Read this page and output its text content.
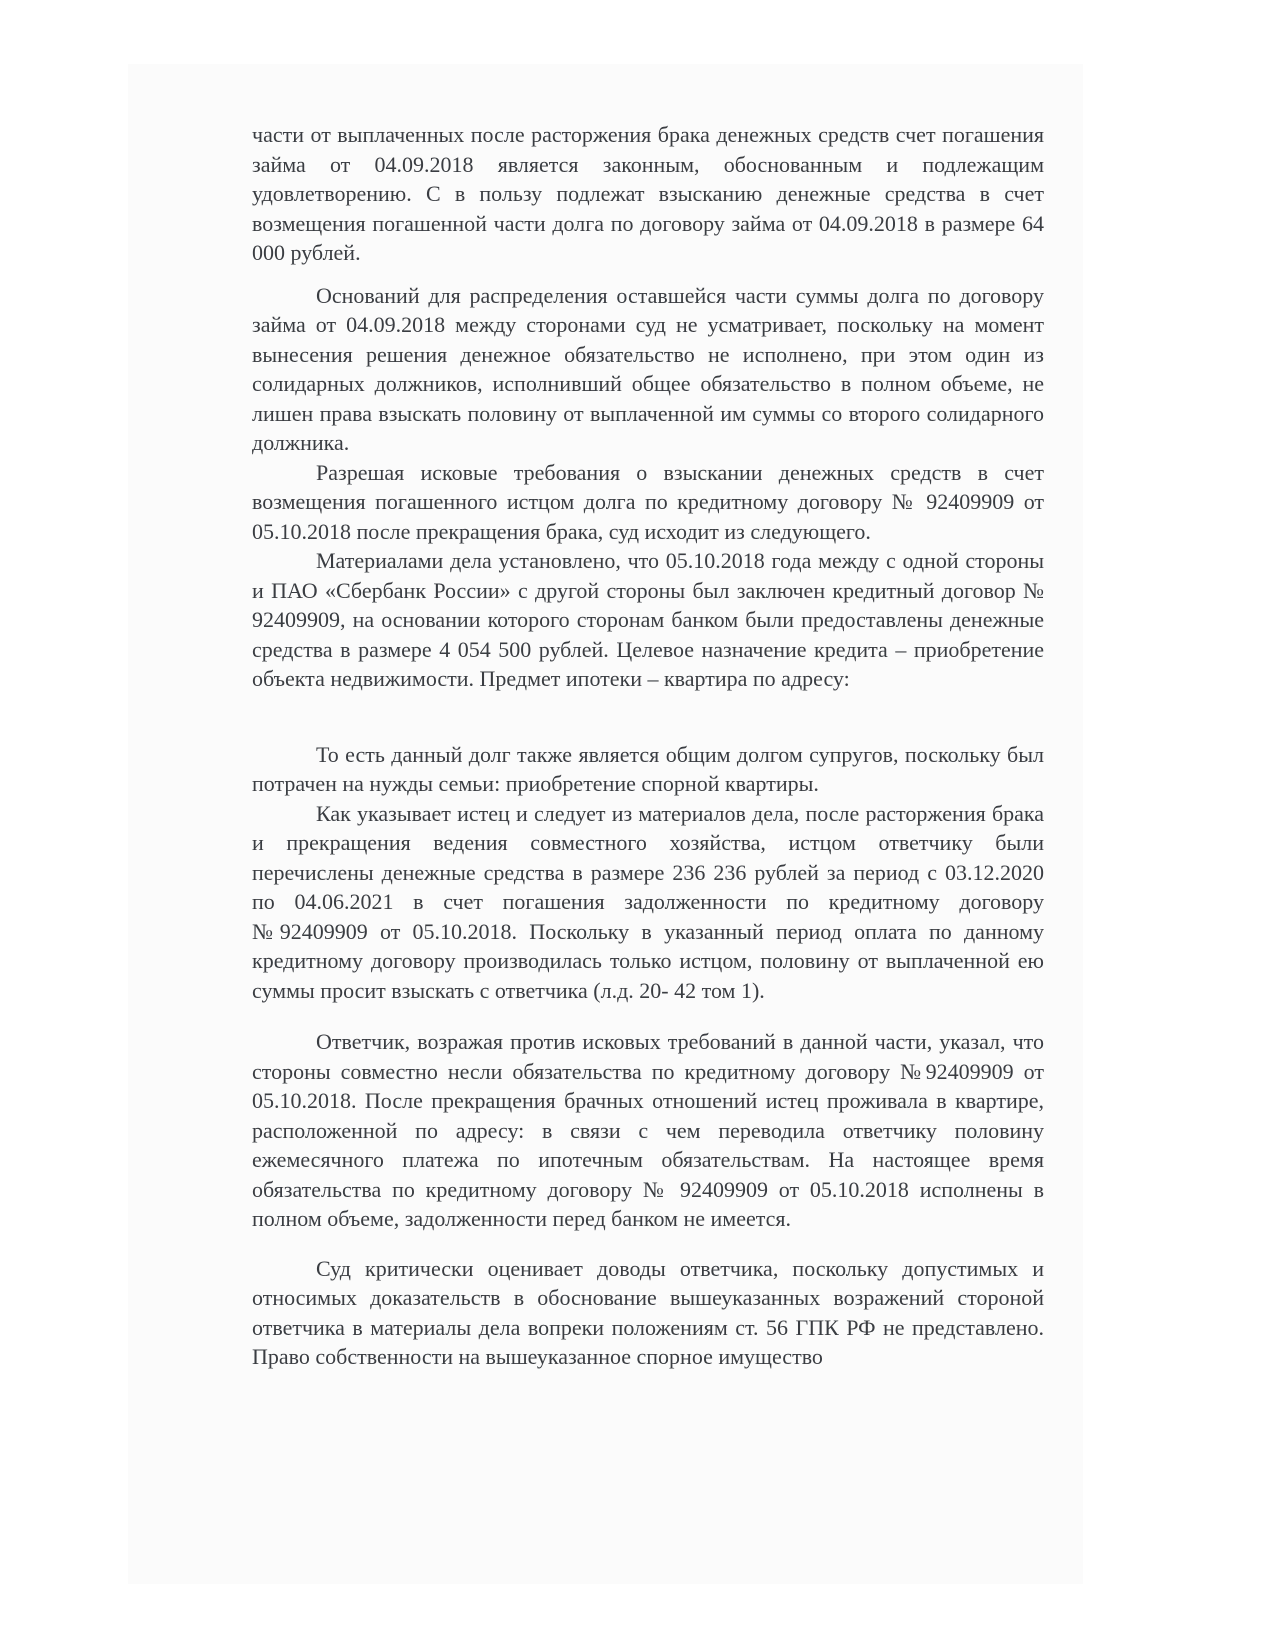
части от выплаченных после расторжения брака денежных средств счет погашения займа от 04.09.2018 является законным, обоснованным и подлежащим удовлетворению. С в пользу подлежат взысканию денежные средства в счет возмещения погашенной части долга по договору займа от 04.09.2018 в размере 64 000 рублей.

Оснований для распределения оставшейся части суммы долга по договору займа от 04.09.2018 между сторонами суд не усматривает, поскольку на момент вынесения решения денежное обязательство не исполнено, при этом один из солидарных должников, исполнивший общее обязательство в полном объеме, не лишен права взыскать половину от выплаченной им суммы со второго солидарного должника.

Разрешая исковые требования о взыскании денежных средств в счет возмещения погашенного истцом долга по кредитному договору № 92409909 от 05.10.2018 после прекращения брака, суд исходит из следующего.

Материалами дела установлено, что 05.10.2018 года между с одной стороны и ПАО «Сбербанк России» с другой стороны был заключен кредитный договор № 92409909, на основании которого сторонам банком были предоставлены денежные средства в размере 4 054 500 рублей. Целевое назначение кредита – приобретение объекта недвижимости. Предмет ипотеки – квартира по адресу:

То есть данный долг также является общим долгом супругов, поскольку был потрачен на нужды семьи: приобретение спорной квартиры.

Как указывает истец и следует из материалов дела, после расторжения брака и прекращения ведения совместного хозяйства, истцом ответчику были перечислены денежные средства в размере 236 236 рублей за период с 03.12.2020 по 04.06.2021 в счет погашения задолженности по кредитному договору №92409909 от 05.10.2018. Поскольку в указанный период оплата по данному кредитному договору производилась только истцом, половину от выплаченной ею суммы просит взыскать с ответчика (л.д. 20- 42 том 1).

Ответчик, возражая против исковых требований в данной части, указал, что стороны совместно несли обязательства по кредитному договору №92409909 от 05.10.2018. После прекращения брачных отношений истец проживала в квартире, расположенной по адресу: в связи с чем переводила ответчику половину ежемесячного платежа по ипотечным обязательствам. На настоящее время обязательства по кредитному договору № 92409909 от 05.10.2018 исполнены в полном объеме, задолженности перед банком не имеется.

Суд критически оценивает доводы ответчика, поскольку допустимых и относимых доказательств в обоснование вышеуказанных возражений стороной ответчика в материалы дела вопреки положениям ст. 56 ГПК РФ не представлено. Право собственности на вышеуказанное спорное имущество
